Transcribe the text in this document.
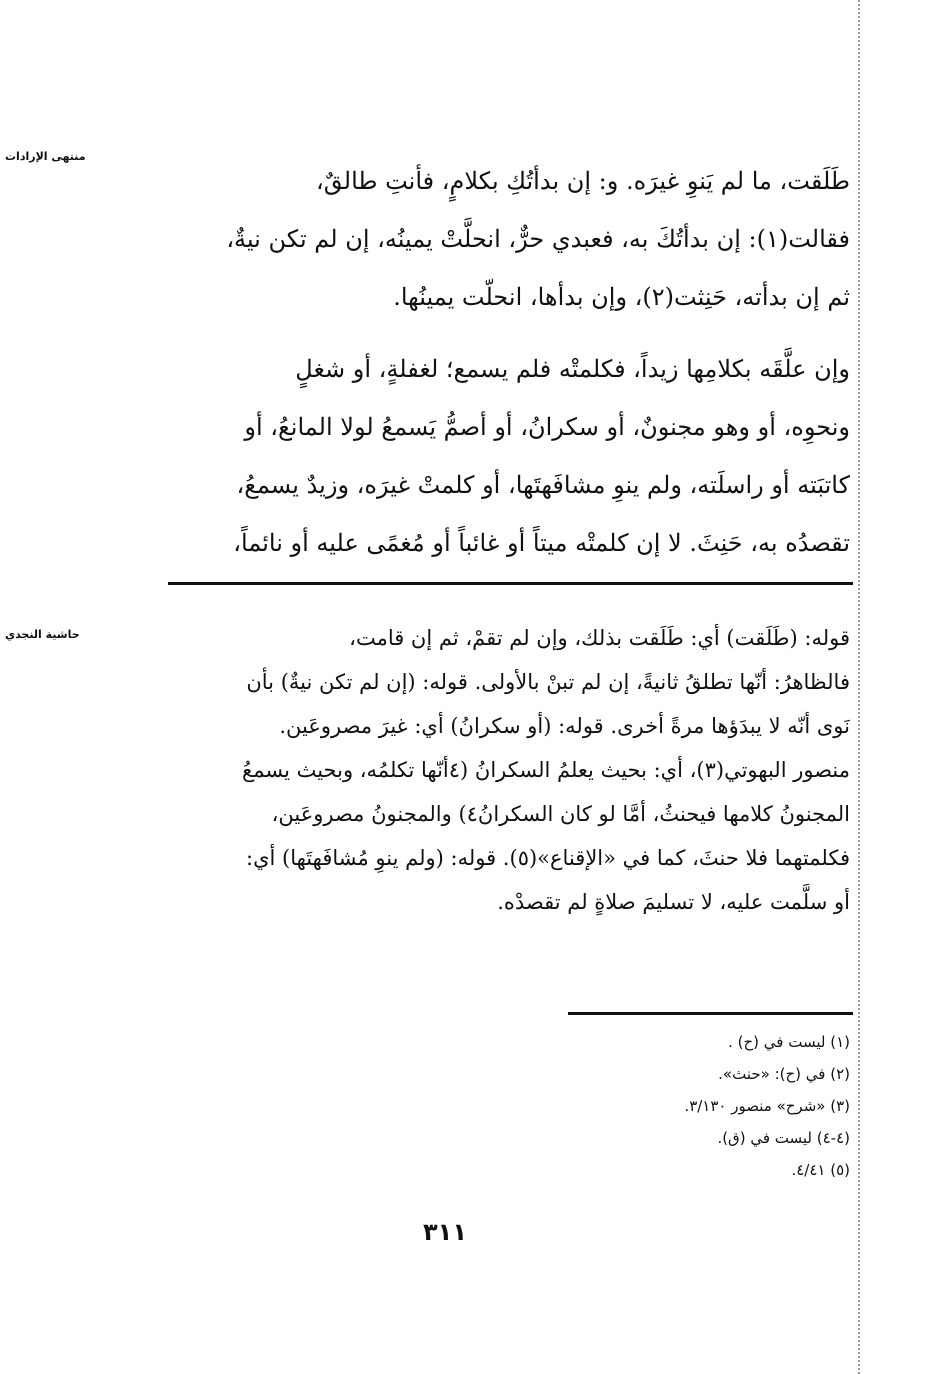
منتهى الإرادات
طَلَقت، ما لم يَنوِ غيرَه. و: إن بدأتُكِ بكلامٍ، فأنتِ طالقٌ،
فقالت(١): إن بدأتُكَ به، فعبدي حرٌّ، انحلَّتْ يمينُه، إن لم تكن نيةٌ،
ثم إن بدأته، حَنِثت(٢)، وإن بدأها، انحلّت يمينُها.
وإن علَّقَه بكلامِها زيداً، فكلمتْه فلم يسمع؛ لغفلةٍ، أو شغلٍ
ونحوِه، أو وهو مجنونٌ، أو سكرانُ، أو أصمُّ يَسمعُ لولا المانعُ، أو
كاتبَته أو راسلَته، ولم ينوِ مشافَهتَها، أو كلمتْ غيرَه، وزيدٌ يسمعُ،
تقصدُه به، حَنِثَ. لا إن كلمتْه ميتاً أو غائباً أو مُغمًى عليه أو نائماً،
حاشية النجدي	قوله: (طَلَقت) أي: طَلَقت بذلك، وإن لم تقمْ، ثم إن قامت،
فالظاهرُ: أنّها تطلقُ ثانيةً، إن لم تبنْ بالأولى. قوله: (إن لم تكن نيةٌ) بأن
نَوى أنّه لا يبدَؤها مرةً أخرى. قوله: (أو سكرانُ) أي: غيرَ مصروعَين.
منصور البهوتي(٣)، أي: بحيث يعلمُ السكرانُ (٤أنّها تكلمُه، وبحيث يسمعُ
المجنونُ كلامها فيحنثُ، أمَّا لو كان السكرانُ٤) والمجنونُ مصروعَين،
فكلمتهما فلا حنثَ، كما في «الإقناع»(٥). قوله: (ولم ينوِ مُشافَهتَها) أي:
أو سلَّمت عليه، لا تسليمَ صلاةٍ لم تقصدْه.
(١) ليست في (ح) .
(٢) في (ح): «حنث».
(٣) «شرح» منصور ٣/١٣٠.
(٤-٤) ليست في (ق).
(٥) ٤/٤١.
٣١١
